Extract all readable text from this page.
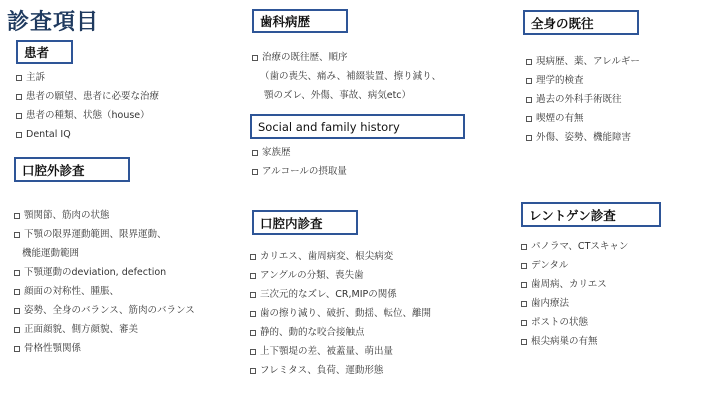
診査項目
患者
主訴
患者の願望、患者に必要な治療
患者の種類、状態（house）
Dental IQ
口腔外診査
顎関節、筋肉の状態
下顎の限界運動範囲、限界運動、
機能運動範囲
下顎運動のdeviation, defection
顔面の対称性、腫脹、
姿勢、全身のバランス、筋肉のバランス
正面顔貌、側方顔貌、審美
骨格性顎関係
歯科病歴
治療の既往歴、順序
（歯の喪失、痛み、補綴装置、擦り減り、
顎のズレ、外傷、事故、病気etc）
Social and family history
家族歴
アルコールの摂取量
口腔内診査
カリエス、歯周病変、根尖病変
アングルの分類、喪失歯
三次元的なズレ、CR,MIPの関係
歯の擦り減り、破折、動揺、転位、離開
静的、動的な咬合接触点
上下顎堤の差、被蓋量、萌出量
フレミタス、負荷、運動形態
全身の既往
現病歴、薬、アレルギー
理学的検査
過去の外科手術既往
喫煙の有無
外傷、姿勢、機能障害
レントゲン診査
パノラマ、CTスキャン
デンタル
歯周病、カリエス
歯内療法
ポストの状態
根尖病巣の有無
